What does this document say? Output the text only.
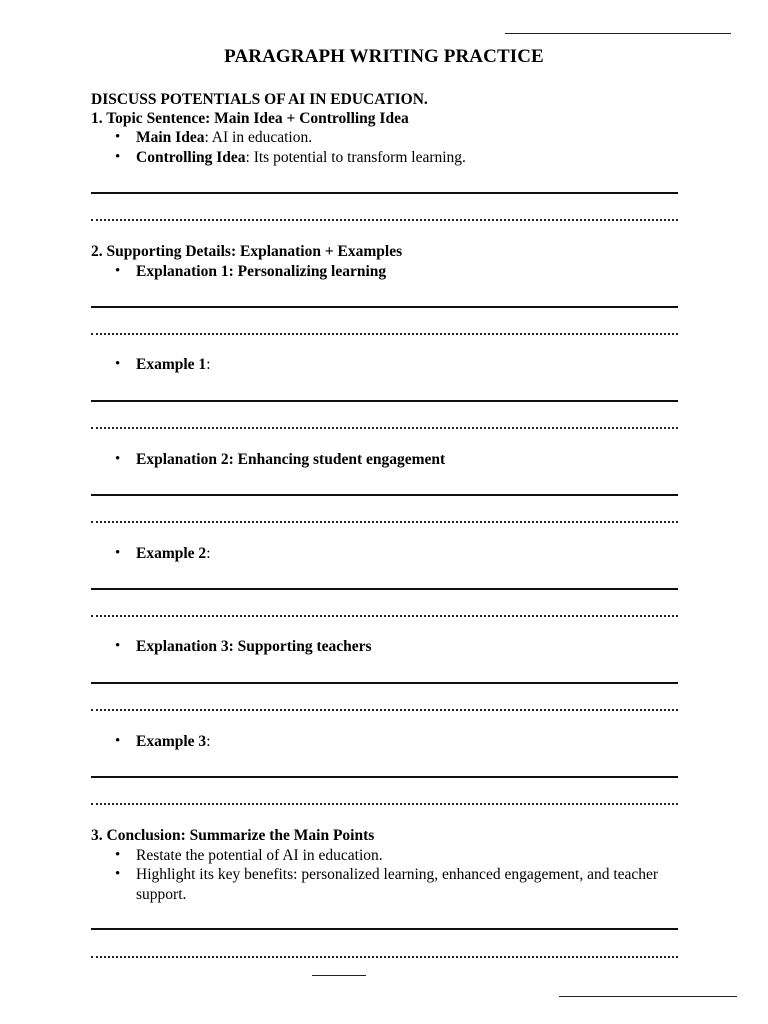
PARAGRAPH WRITING PRACTICE
DISCUSS POTENTIALS OF AI IN EDUCATION.
1. Topic Sentence: Main Idea + Controlling Idea
• Main Idea: AI in education.
• Controlling Idea: Its potential to transform learning.
2. Supporting Details: Explanation + Examples
• Explanation 1: Personalizing learning
• Example 1:
• Explanation 2: Enhancing student engagement
• Example 2:
• Explanation 3: Supporting teachers
• Example 3:
3. Conclusion: Summarize the Main Points
• Restate the potential of AI in education.
• Highlight its key benefits: personalized learning, enhanced engagement, and teacher support.
